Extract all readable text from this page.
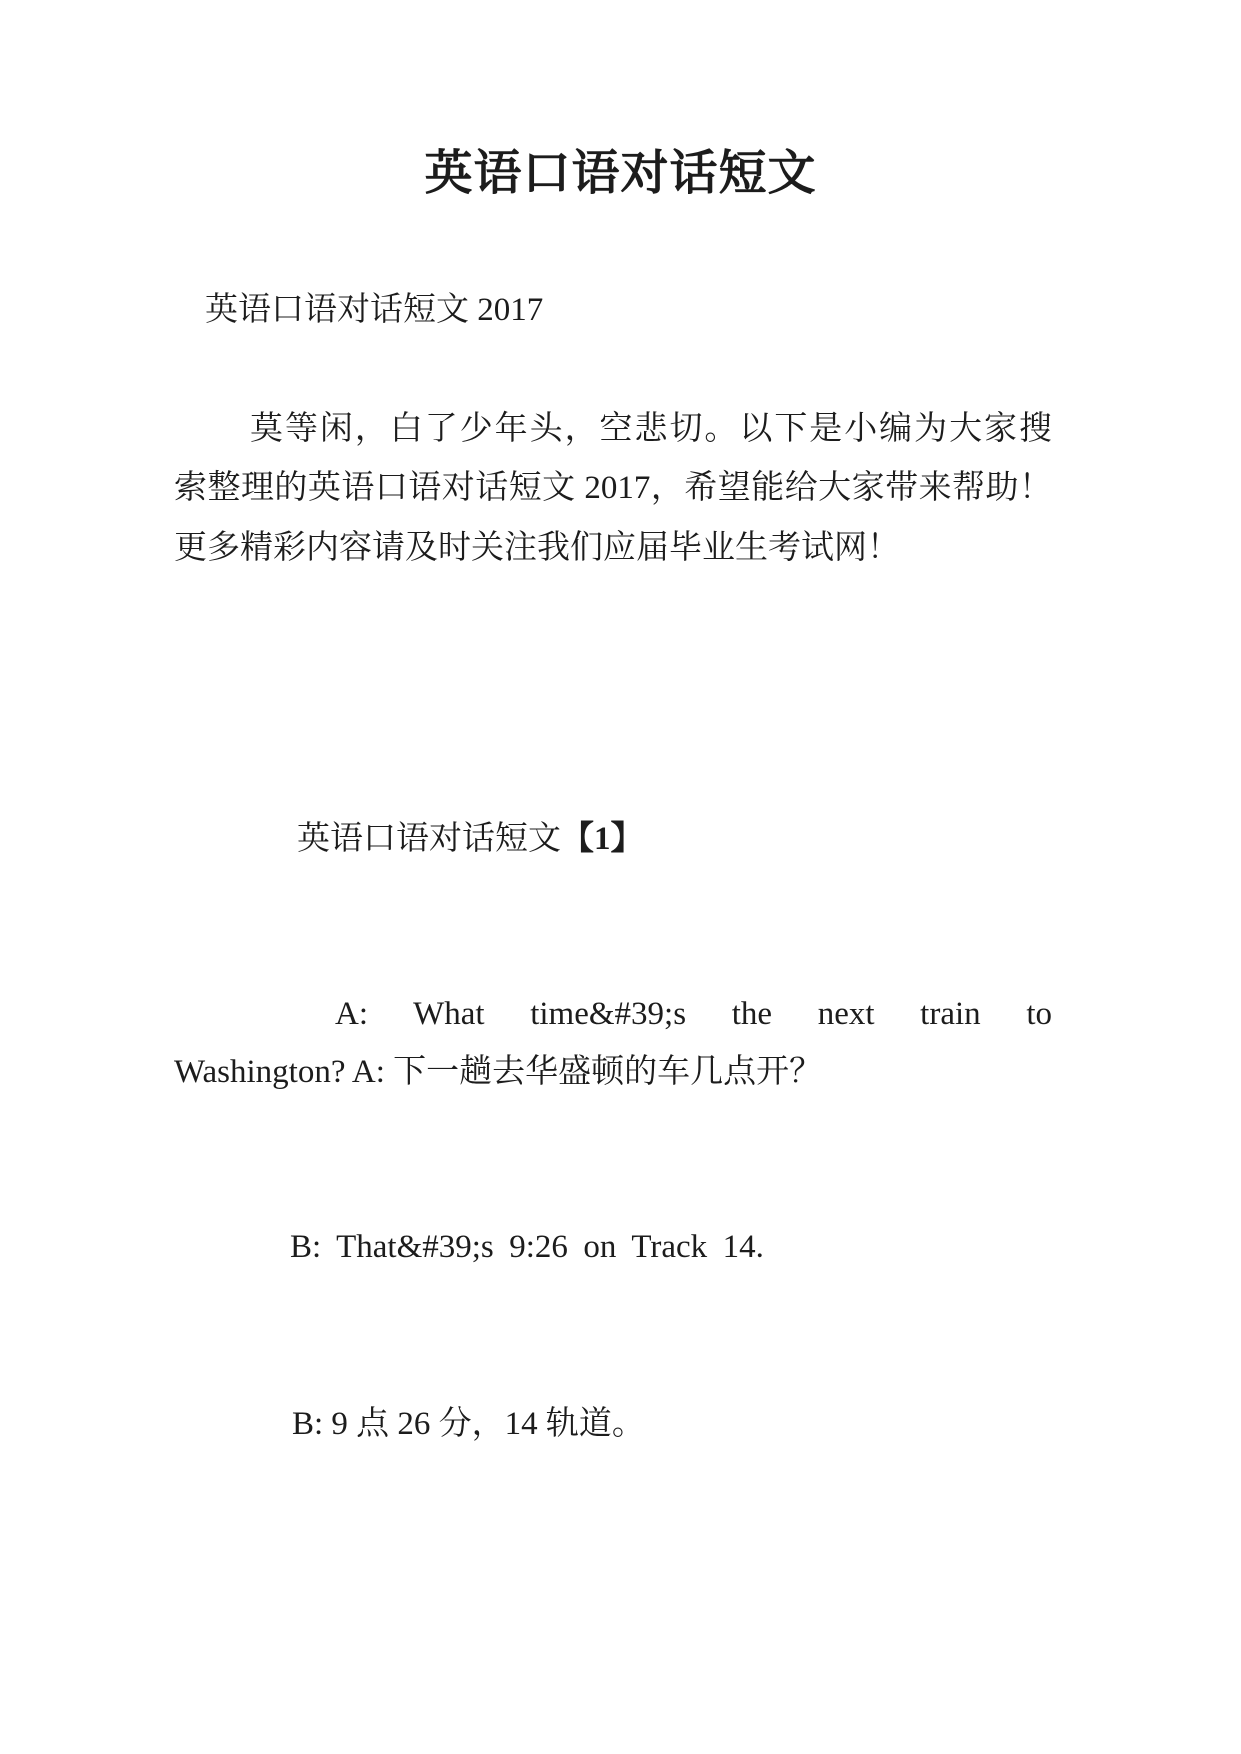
英语口语对话短文

英语口语对话短文 2017

莫等闲，白了少年头，空悲切。以下是小编为大家搜

索整理的英语口语对话短文 2017，希望能给大家带来帮助！

更多精彩内容请及时关注我们应届毕业生考试网！

英语口语对话短文【1】

A: What time&#39;s the next train to

Washington? A: 下一趟去华盛顿的车几点开？

B: That&#39;s 9:26 on Track 14.

B: 9 点 26 分，14 轨道。
